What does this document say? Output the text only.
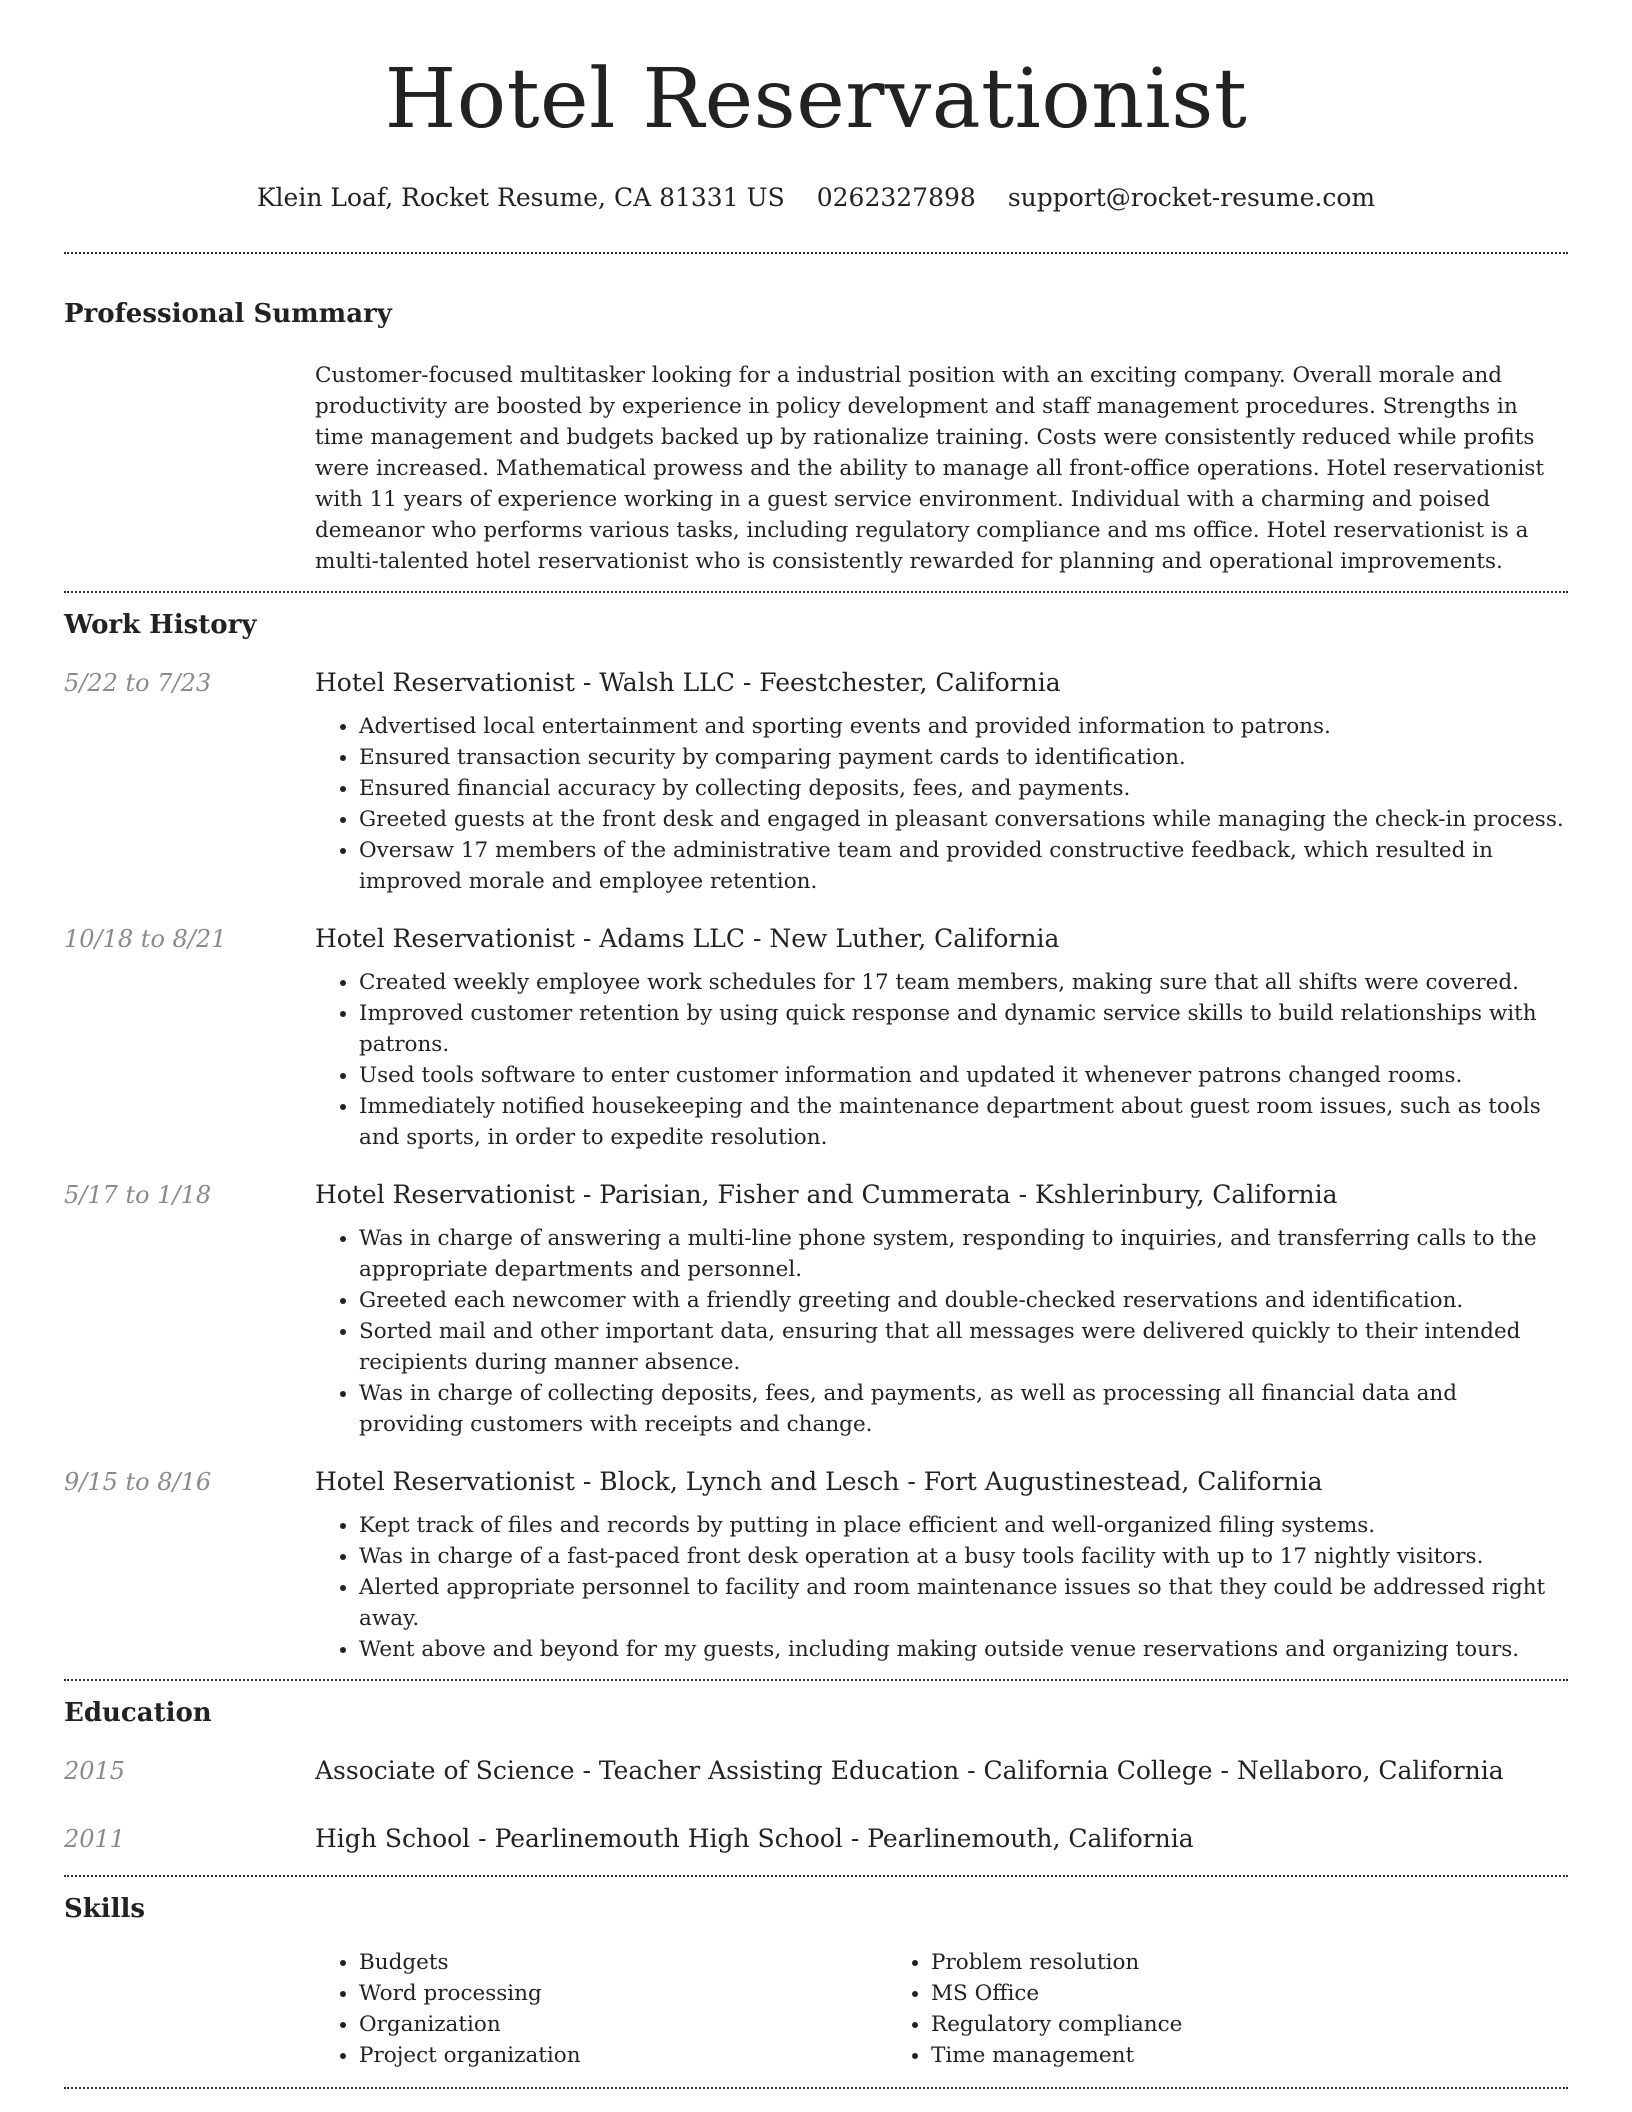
Hotel Reservationist
Klein Loaf, Rocket Resume, CA 81331 US 0262327898 support@rocket-resume.com
Professional Summary
Customer-focused multitasker looking for a industrial position with an exciting company. Overall morale and productivity are boosted by experience in policy development and staff management procedures. Strengths in time management and budgets backed up by rationalize training. Costs were consistently reduced while profits were increased. Mathematical prowess and the ability to manage all front-office operations. Hotel reservationist with 11 years of experience working in a guest service environment. Individual with a charming and poised demeanor who performs various tasks, including regulatory compliance and ms office. Hotel reservationist is a multi-talented hotel reservationist who is consistently rewarded for planning and operational improvements.
Work History
5/22 to 7/23	Hotel Reservationist - Walsh LLC - Feestchester, California
• Advertised local entertainment and sporting events and provided information to patrons.
• Ensured transaction security by comparing payment cards to identification.
• Ensured financial accuracy by collecting deposits, fees, and payments.
• Greeted guests at the front desk and engaged in pleasant conversations while managing the check-in process.
• Oversaw 17 members of the administrative team and provided constructive feedback, which resulted in improved morale and employee retention.
10/18 to 8/21	Hotel Reservationist - Adams LLC - New Luther, California
• Created weekly employee work schedules for 17 team members, making sure that all shifts were covered.
• Improved customer retention by using quick response and dynamic service skills to build relationships with patrons.
• Used tools software to enter customer information and updated it whenever patrons changed rooms.
• Immediately notified housekeeping and the maintenance department about guest room issues, such as tools and sports, in order to expedite resolution.
5/17 to 1/18	Hotel Reservationist - Parisian, Fisher and Cummerata - Kshlerinbury, California
• Was in charge of answering a multi-line phone system, responding to inquiries, and transferring calls to the appropriate departments and personnel.
• Greeted each newcomer with a friendly greeting and double-checked reservations and identification.
• Sorted mail and other important data, ensuring that all messages were delivered quickly to their intended recipients during manner absence.
• Was in charge of collecting deposits, fees, and payments, as well as processing all financial data and providing customers with receipts and change.
9/15 to 8/16	Hotel Reservationist - Block, Lynch and Lesch - Fort Augustinestead, California
• Kept track of files and records by putting in place efficient and well-organized filing systems.
• Was in charge of a fast-paced front desk operation at a busy tools facility with up to 17 nightly visitors.
• Alerted appropriate personnel to facility and room maintenance issues so that they could be addressed right away.
• Went above and beyond for my guests, including making outside venue reservations and organizing tours.
Education
2015	Associate of Science - Teacher Assisting Education - California College - Nellaboro, California
2011	High School - Pearlinemouth High School - Pearlinemouth, California
Skills
• Budgets
• Word processing
• Organization
• Project organization
• Problem resolution
• MS Office
• Regulatory compliance
• Time management
